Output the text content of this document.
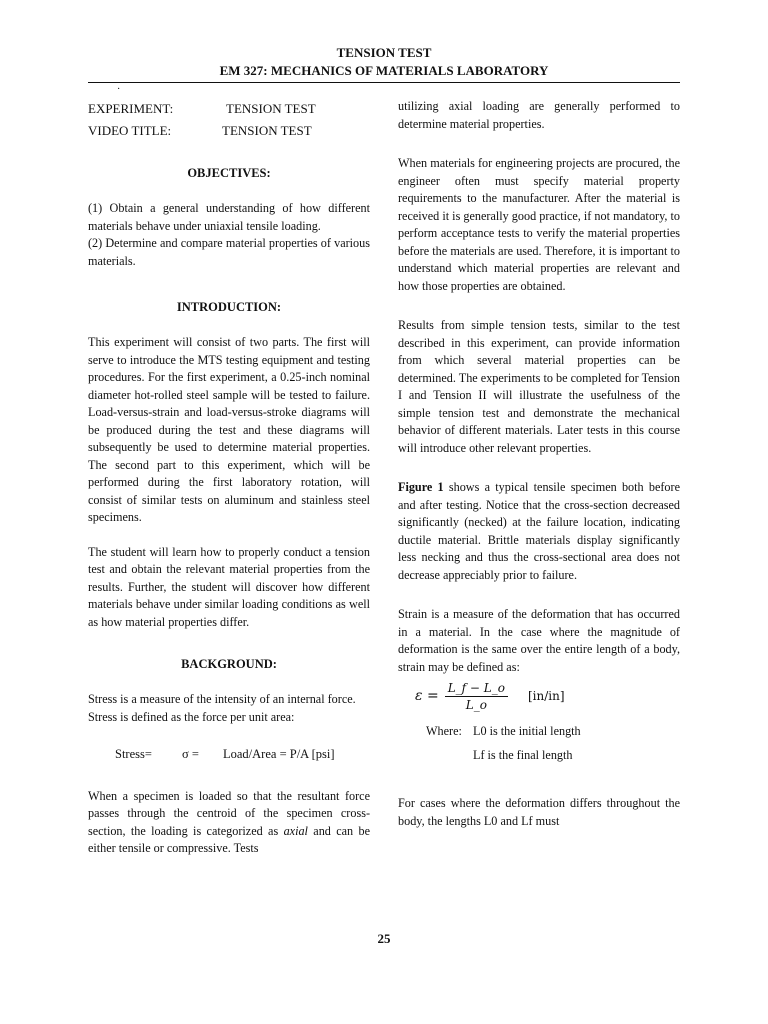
TENSION TEST
EM 327: MECHANICS OF MATERIALS LABORATORY
·
EXPERIMENT:	TENSION TEST
VIDEO TITLE:	TENSION TEST
OBJECTIVES:
(1) Obtain a general understanding of how different materials behave under uniaxial tensile loading.
(2) Determine and compare material properties of various materials.
INTRODUCTION:

This experiment will consist of two parts. The first will serve to introduce the MTS testing equipment and testing procedures. For the first experiment, a 0.25-inch nominal diameter hot-rolled steel sample will be tested to failure. Load-versus-strain and load-versus-stroke diagrams will be produced during the test and these diagrams will subsequently be used to determine material properties. The second part to this experiment, which will be performed during the first laboratory rotation, will consist of similar tests on aluminum and stainless steel specimens.

The student will learn how to properly conduct a tension test and obtain the relevant material properties from the results. Further, the student will discover how different materials behave under similar loading conditions as well as how material properties differ.

BACKGROUND:

Stress is a measure of the intensity of an internal force. Stress is defined as the force per unit area:

Stress=	σ =	Load/Area = P/A [psi]

When a specimen is loaded so that the resultant force passes through the centroid of the specimen cross-section, the loading is categorized as axial and can be either tensile or compressive. Tests

utilizing axial loading are generally performed to determine material properties.

When materials for engineering projects are procured, the engineer often must specify material property requirements to the manufacturer. After the material is received it is generally good practice, if not mandatory, to perform acceptance tests to verify the material properties before the materials are used. Therefore, it is important to understand which material properties are relevant and how those properties are obtained.

Results from simple tension tests, similar to the test described in this experiment, can provide information from which several material properties can be determined. The experiments to be completed for Tension I and Tension II will illustrate the usefulness of the simple tension test and demonstrate the mechanical behavior of different materials. Later tests in this course will introduce other relevant properties.

Figure 1 shows a typical tensile specimen both before and after testing. Notice that the cross-section decreased significantly (necked) at the failure location, indicating ductile material. Brittle materials display significantly less necking and thus the cross-sectional area does not decrease appreciably prior to failure.

Strain is a measure of the deformation that has occurred in a material. In the case where the magnitude of deformation is the same over the entire length of a body, strain may be defined as:

$\varepsilon = \frac{L\_f - L\_o}{L\_o} [in/in]$
Where: L0 is the initial length
Lf is the final length

For cases where the deformation differs throughout the body, the lengths L0 and Lf must

25
